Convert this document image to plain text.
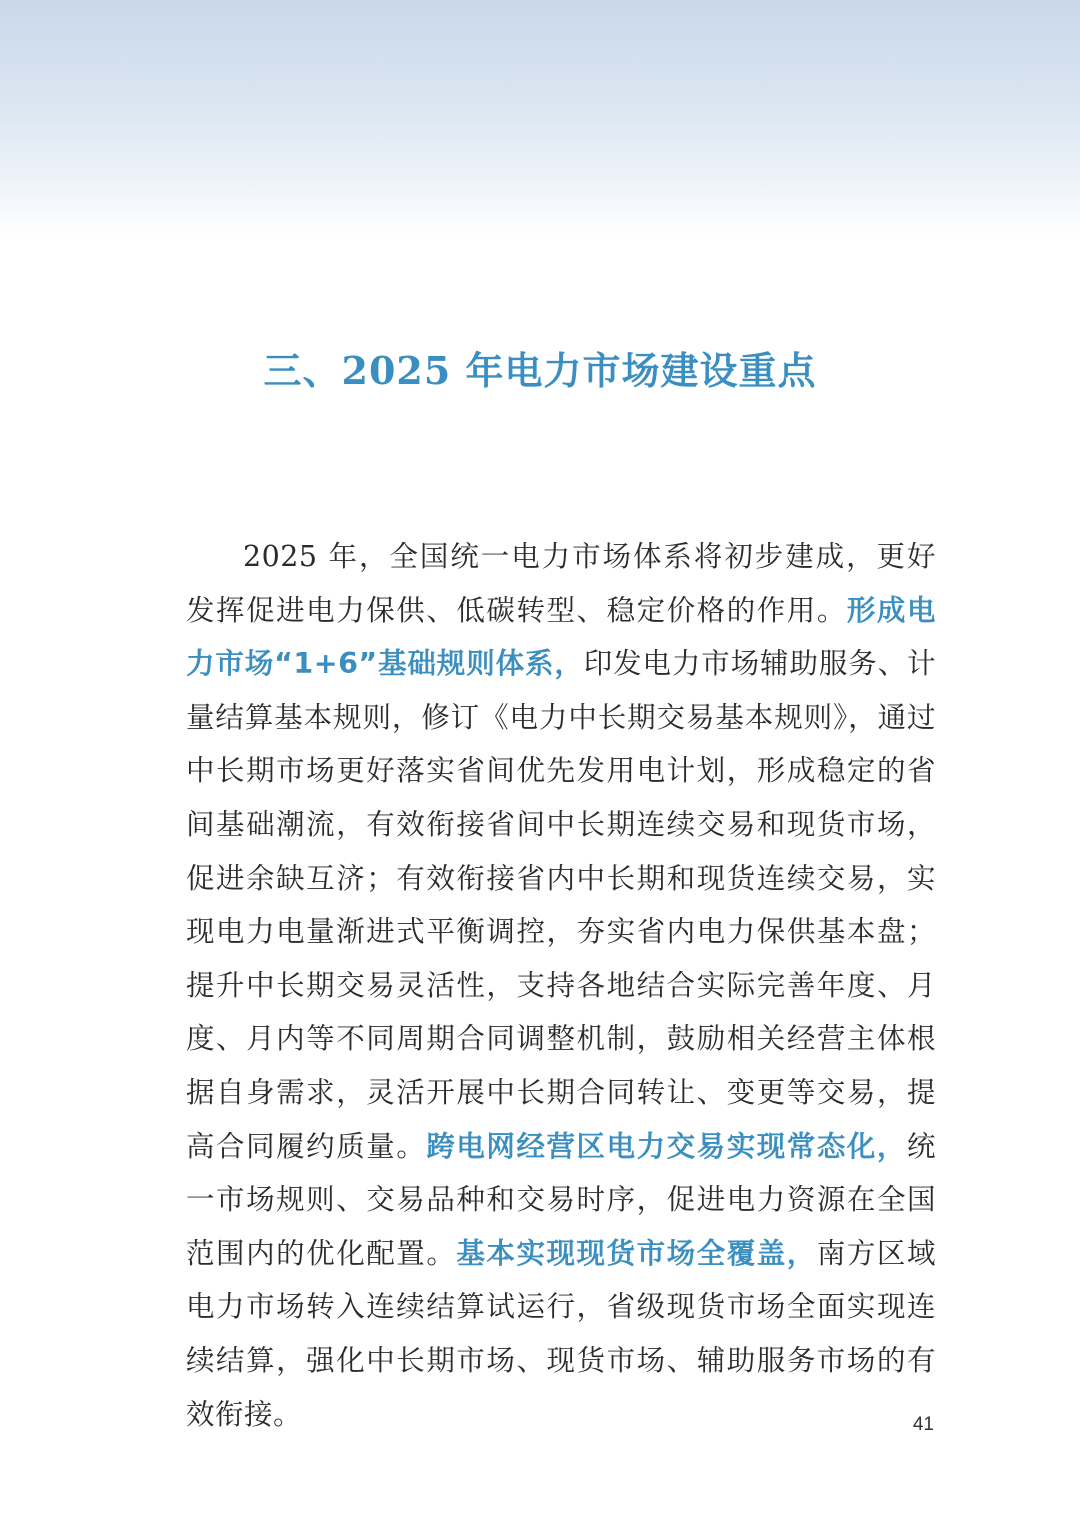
三、2025 年电力市场建设重点

2025 年，全国统一电力市场体系将初步建成，更好发挥促进电力保供、低碳转型、稳定价格的作用。形成电力市场“1+6”基础规则体系，印发电力市场辅助服务、计量结算基本规则，修订《电力中长期交易基本规则》，通过中长期市场更好落实省间优先发用电计划，形成稳定的省间基础潮流，有效衔接省间中长期连续交易和现货市场，促进余缺互济；有效衔接省内中长期和现货连续交易，实现电力电量渐进式平衡调控，夯实省内电力保供基本盘；提升中长期交易灵活性，支持各地结合实际完善年度、月度、月内等不同周期合同调整机制，鼓励相关经营主体根据自身需求，灵活开展中长期合同转让、变更等交易，提高合同履约质量。跨电网经营区电力交易实现常态化，统一市场规则、交易品种和交易时序，促进电力资源在全国范围内的优化配置。基本实现现货市场全覆盖，南方区域电力市场转入连续结算试运行，省级现货市场全面实现连续结算，强化中长期市场、现货市场、辅助服务市场的有效衔接。	41
